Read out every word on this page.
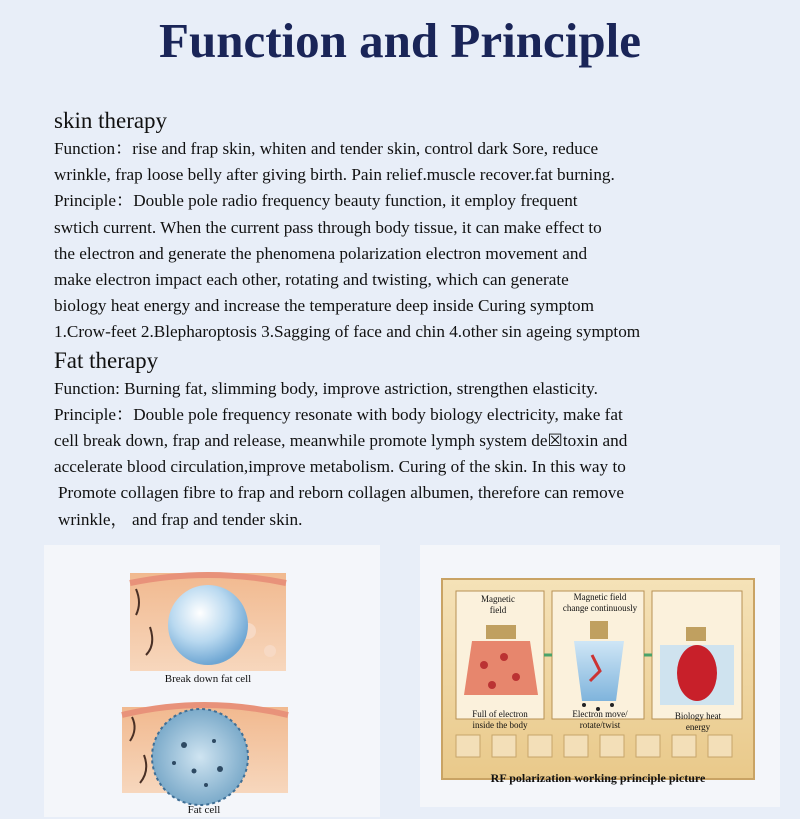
Function and Principle
skin therapy
Function：rise and frap skin, whiten and tender skin, control dark Sore, reduce
wrinkle, frap loose belly after giving birth. Pain relief.muscle recover.fat burning.
Principle：Double pole radio frequency beauty function, it employ frequent
swtich current. When the current pass through body tissue, it can make effect to
the electron and generate the phenomena polarization electron movement and
make electron impact each other, rotating and twisting, which can generate
biology heat energy and increase the temperature deep inside Curing symptom
1.Crow-feet 2.Blepharoptosis 3.Sagging of face and chin 4.other sin ageing symptom
Fat therapy
Function: Burning fat, slimming body, improve astriction, strengthen elasticity.
Principle：Double pole frequency resonate with body biology electricity, make fat
cell break down, frap and release, meanwhile promote lymph system de☒toxin and
accelerate blood circulation,improve metabolism. Curing of the skin. In this way to
Promote collagen fibre to frap and reborn collagen albumen, therefore can remove
wrinkle， and frap and tender skin.
Break down fat cell
Fat cell
Magnetic
field
Magnetic field
change continuously
Full of electron
inside the body
Electron move/
rotate/twist
Biology heat
energy
RF polarization working principle picture
